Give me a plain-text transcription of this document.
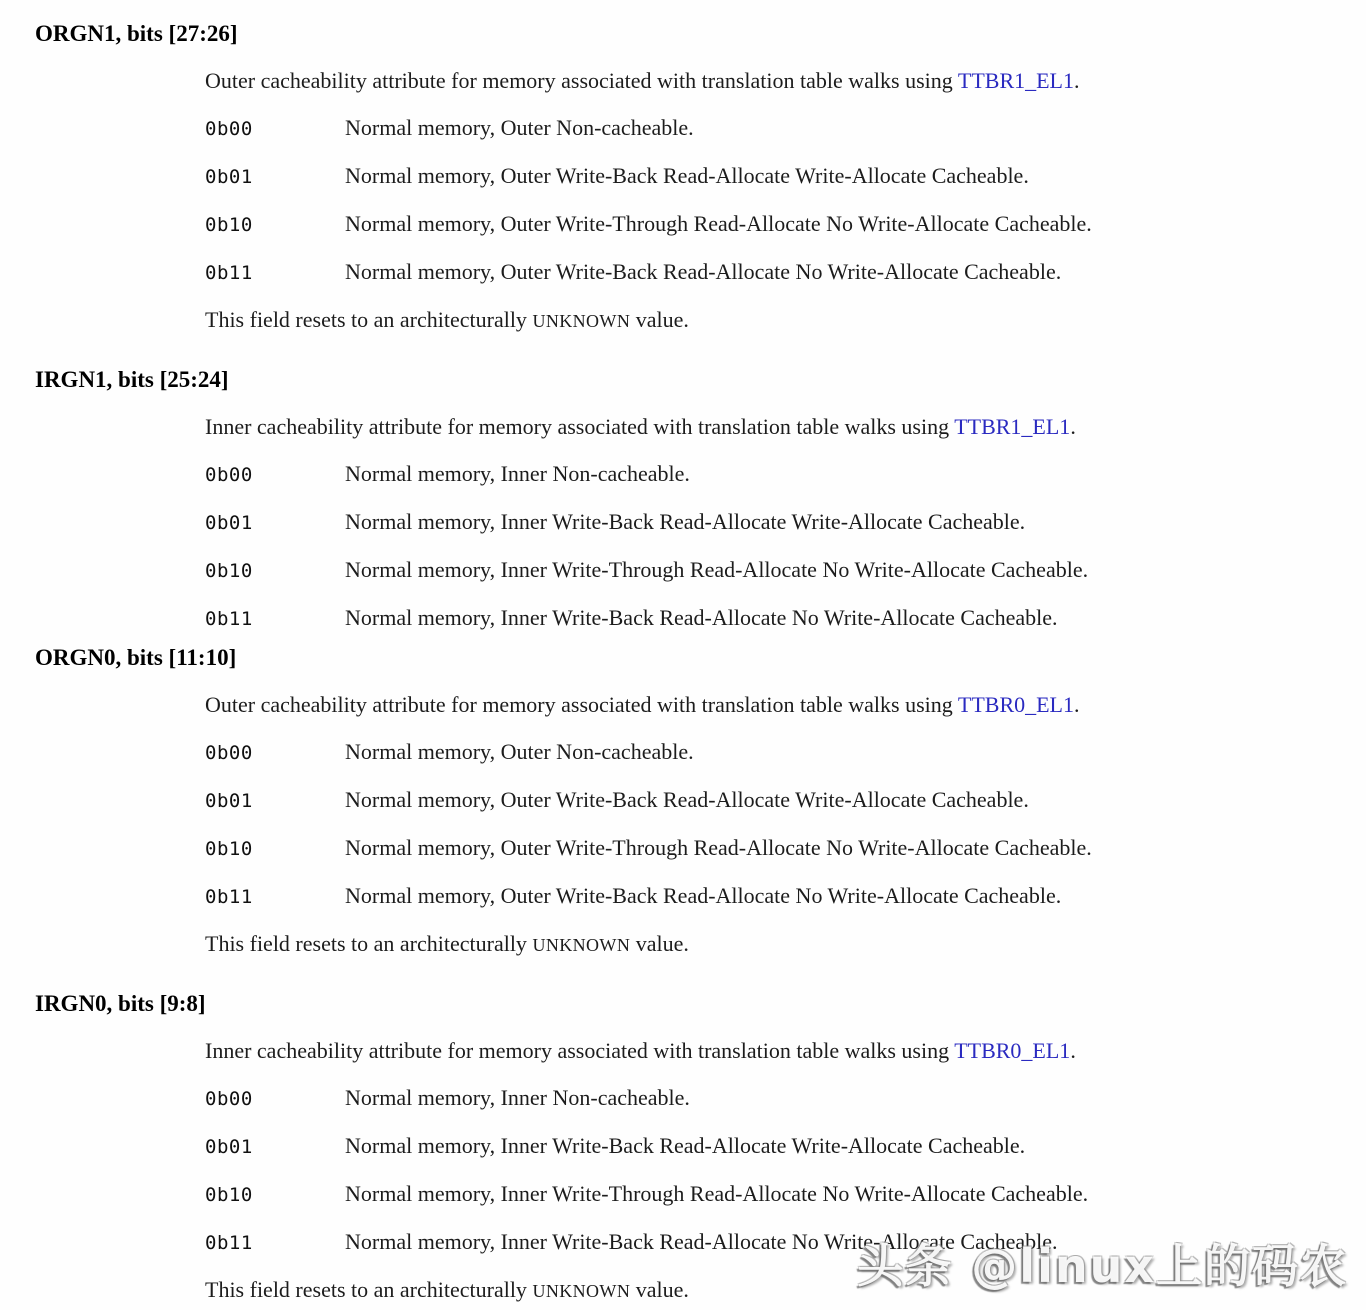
ORGN1, bits [27:26]

Outer cacheability attribute for memory associated with translation table walks using TTBR1_EL1.

0b00	Normal memory, Outer Non-cacheable.
0b01	Normal memory, Outer Write-Back Read-Allocate Write-Allocate Cacheable.
0b10	Normal memory, Outer Write-Through Read-Allocate No Write-Allocate Cacheable.
0b11	Normal memory, Outer Write-Back Read-Allocate No Write-Allocate Cacheable.

This field resets to an architecturally UNKNOWN value.

IRGN1, bits [25:24]

Inner cacheability attribute for memory associated with translation table walks using TTBR1_EL1.

0b00	Normal memory, Inner Non-cacheable.
0b01	Normal memory, Inner Write-Back Read-Allocate Write-Allocate Cacheable.
0b10	Normal memory, Inner Write-Through Read-Allocate No Write-Allocate Cacheable.
0b11	Normal memory, Inner Write-Back Read-Allocate No Write-Allocate Cacheable.
ORGN0, bits [11:10]

Outer cacheability attribute for memory associated with translation table walks using TTBR0_EL1.

0b00	Normal memory, Outer Non-cacheable.
0b01	Normal memory, Outer Write-Back Read-Allocate Write-Allocate Cacheable.
0b10	Normal memory, Outer Write-Through Read-Allocate No Write-Allocate Cacheable.
0b11	Normal memory, Outer Write-Back Read-Allocate No Write-Allocate Cacheable.

This field resets to an architecturally UNKNOWN value.

IRGN0, bits [9:8]

Inner cacheability attribute for memory associated with translation table walks using TTBR0_EL1.

0b00	Normal memory, Inner Non-cacheable.
0b01	Normal memory, Inner Write-Back Read-Allocate Write-Allocate Cacheable.
0b10	Normal memory, Inner Write-Through Read-Allocate No Write-Allocate Cacheable.
0b11	Normal memory, Inner Write-Back Read-Allocate No Write-Allocate Cacheable.

This field resets to an architecturally UNKNOWN value.	头条 @linux上的码农
